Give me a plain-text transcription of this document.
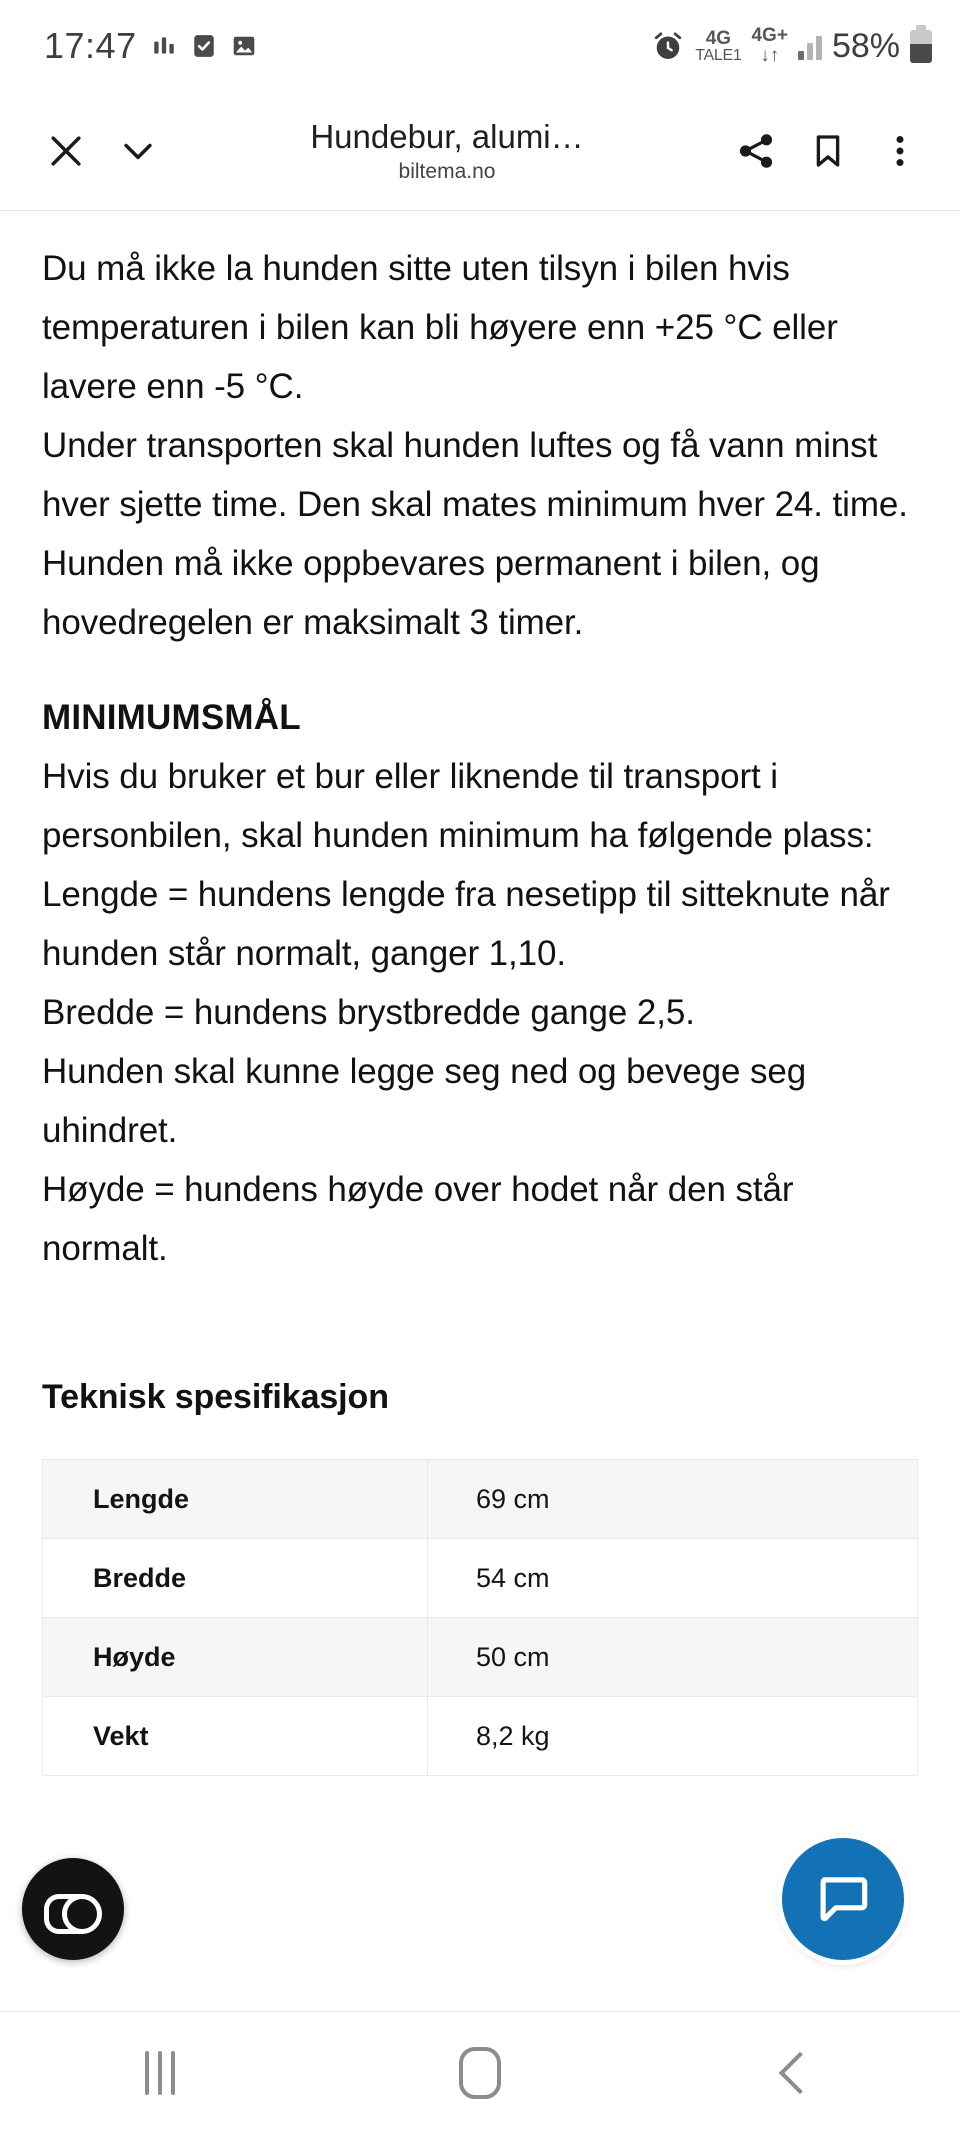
17:47	4G
TALE1
4G+
↓↑ 58%
Hundebur, alumi…
biltema.no

Du må ikke la hunden sitte uten tilsyn i bilen hvis temperaturen i bilen kan bli høyere enn +25 °C eller lavere enn -5 °C.

Under transporten skal hunden luftes og få vann minst hver sjette time. Den skal mates minimum hver 24. time.

Hunden må ikke oppbevares permanent i bilen, og hovedregelen er maksimalt 3 timer.

MINIMUMSMÅL

Hvis du bruker et bur eller liknende til transport i personbilen, skal hunden minimum ha følgende plass:

Lengde = hundens lengde fra nesetipp til sitteknute når hunden står normalt, ganger 1,10.

Bredde = hundens brystbredde gange 2,5.

Hunden skal kunne legge seg ned og bevege seg uhindret.

Høyde = hundens høyde over hodet når den står normalt.

Teknisk spesifikasjon
Lengde	69 cm
Bredde	54 cm
Høyde	50 cm
Vekt	8,2 kg
